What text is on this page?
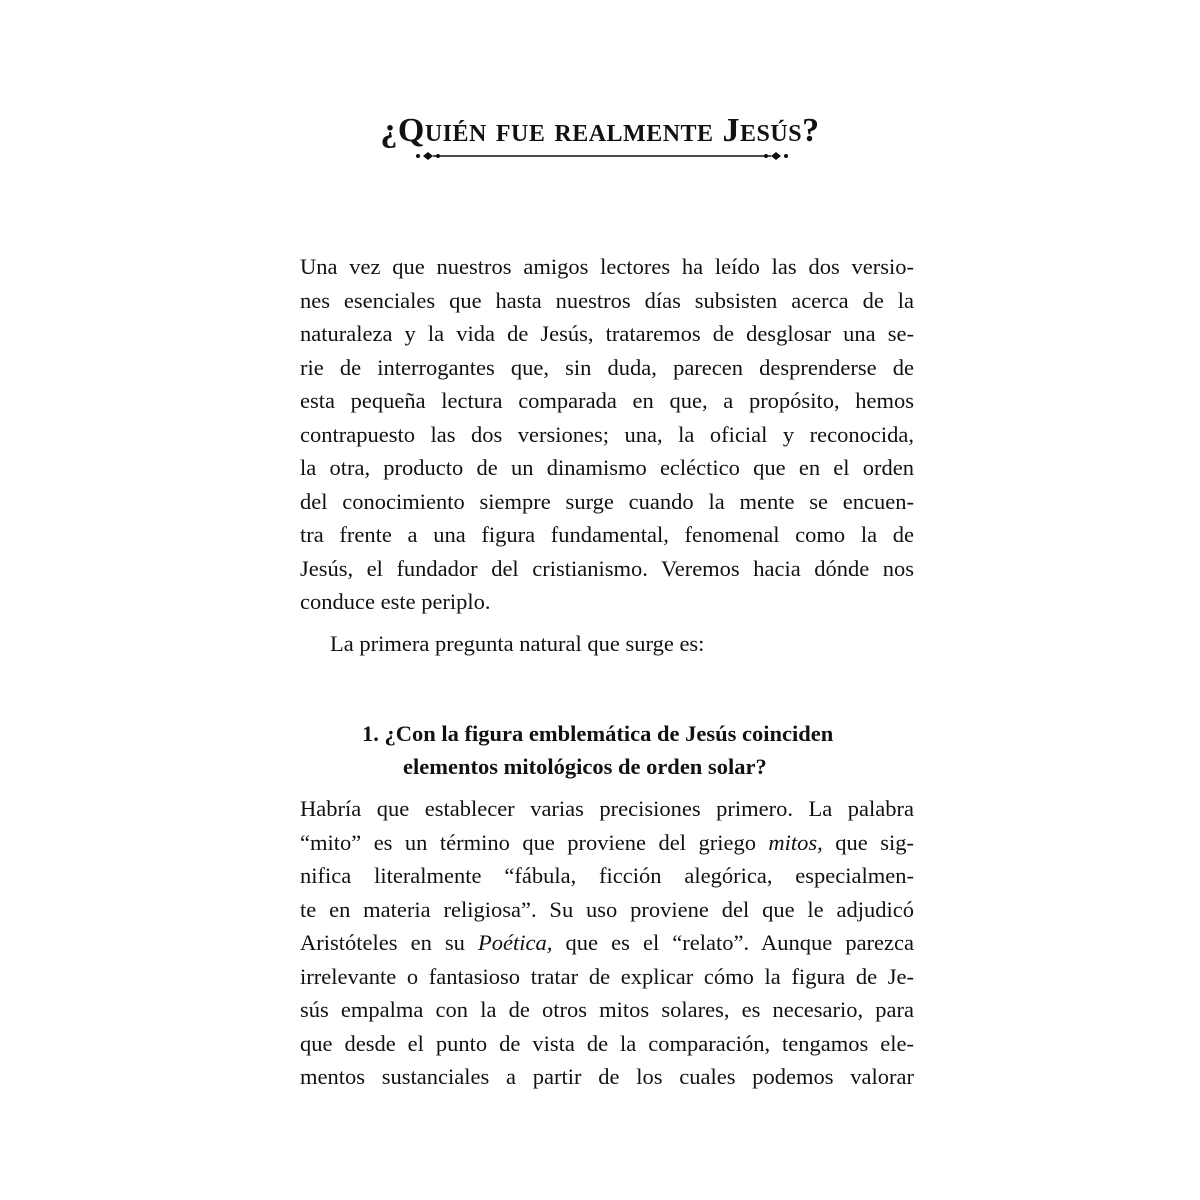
¿Quién fue realmente Jesús?
Una vez que nuestros amigos lectores ha leído las dos versio-
nes esenciales que hasta nuestros días subsisten acerca de la
naturaleza y la vida de Jesús, trataremos de desglosar una se-
rie de interrogantes que, sin duda, parecen desprenderse de
esta pequeña lectura comparada en que, a propósito, hemos
contrapuesto las dos versiones; una, la oficial y reconocida,
la otra, producto de un dinamismo ecléctico que en el orden
del conocimiento siempre surge cuando la mente se encuen-
tra frente a una figura fundamental, fenomenal como la de
Jesús, el fundador del cristianismo. Veremos hacia dónde nos
conduce este periplo.
La primera pregunta natural que surge es:
1. ¿Con la figura emblemática de Jesús coinciden
elementos mitológicos de orden solar?
Habría que establecer varias precisiones primero. La palabra
“mito” es un término que proviene del griego mitos, que sig-
nifica literalmente “fábula, ficción alegórica, especialmen-
te en materia religiosa”. Su uso proviene del que le adjudicó
Aristóteles en su Poética, que es el “relato”. Aunque parezca
irrelevante o fantasioso tratar de explicar cómo la figura de Je-
sús empalma con la de otros mitos solares, es necesario, para
que desde el punto de vista de la comparación, tengamos ele-
mentos sustanciales a partir de los cuales podemos valorar
